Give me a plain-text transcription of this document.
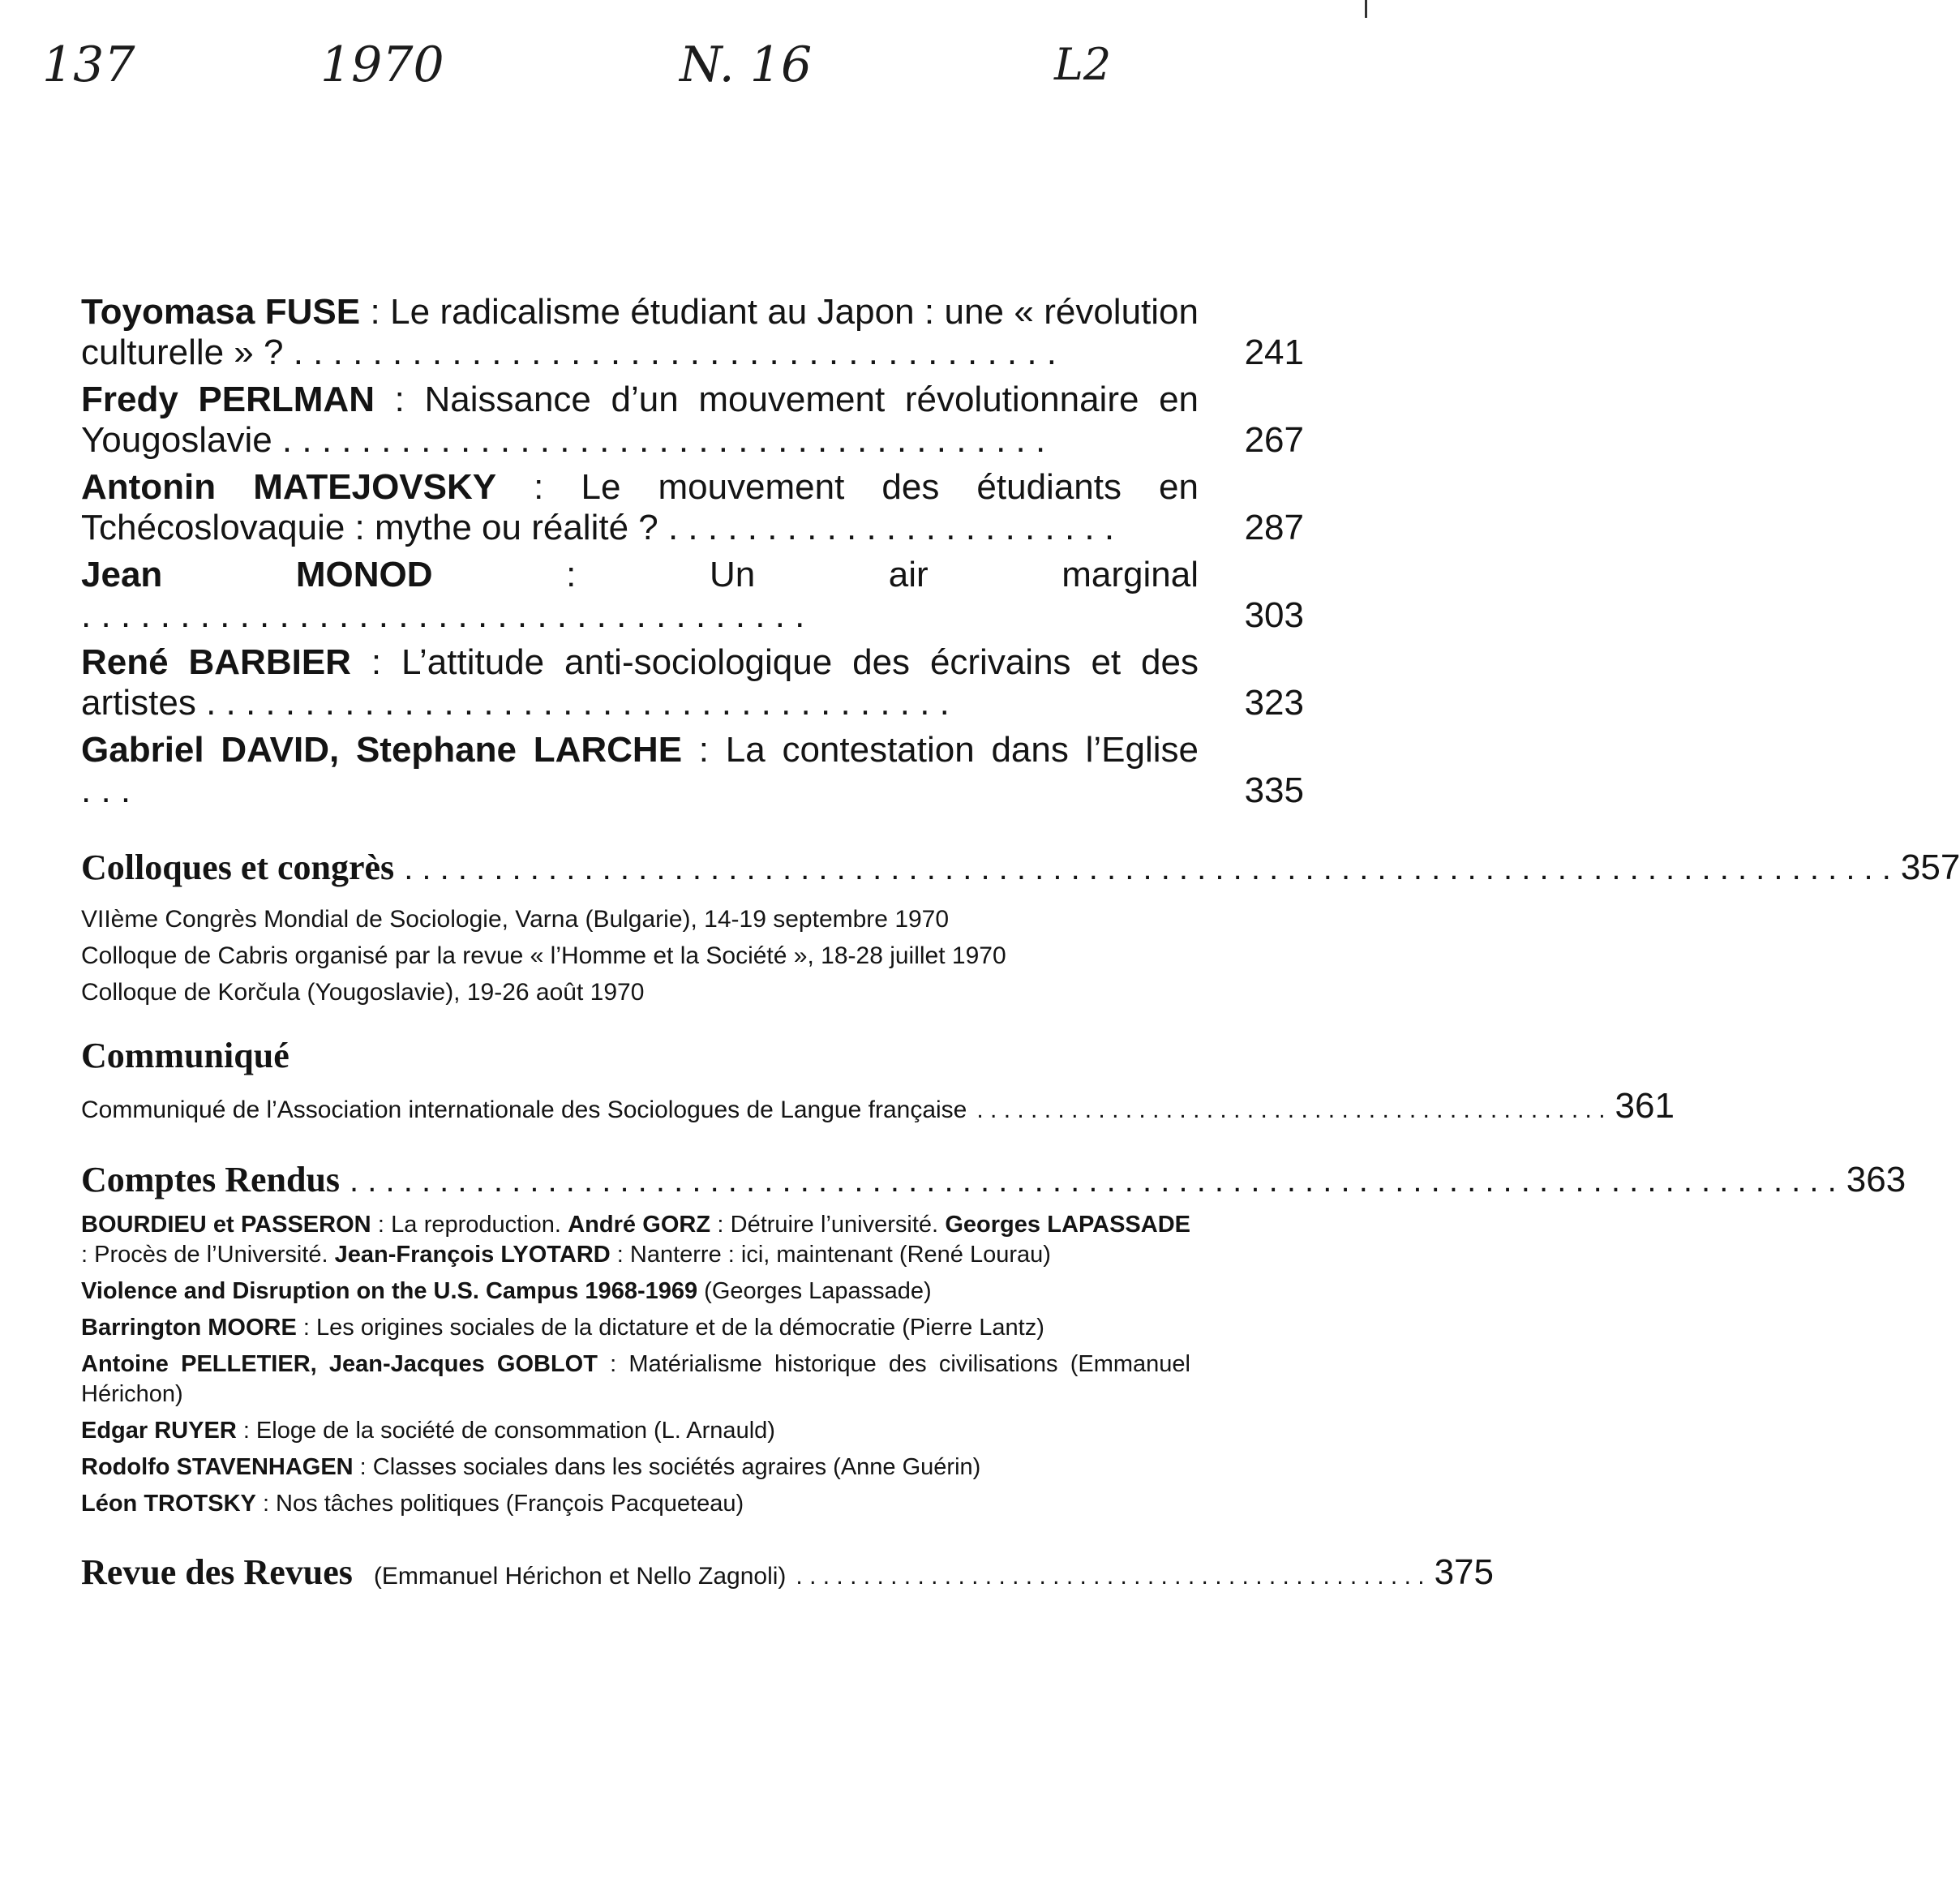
137	1970	N. 16	L2
Toyomasa FUSE : Le radicalisme étudiant au Japon : une « révolution culturelle » ? . . . . . . . . . . . . . . . . . . . . . . . . . . . . . . . . . . . . . . .	241
Fredy PERLMAN : Naissance d’un mouvement révolutionnaire en Yougoslavie . . . . . . . . . . . . . . . . . . . . . . . . . . . . . . . . . . . . . . .	267
Antonin MATEJOVSKY : Le mouvement des étudiants en Tchécoslovaquie : mythe ou réalité ? . . . . . . . . . . . . . . . . . . . . . . .	287
Jean MONOD : Un air marginal . . . . . . . . . . . . . . . . . . . . . . . . . . . . . . . . . . . . .	303
René BARBIER : L’attitude anti-sociologique des écrivains et des artistes . . . . . . . . . . . . . . . . . . . . . . . . . . . . . . . . . . . . . .	323
Gabriel DAVID, Stephane LARCHE : La contestation dans l’Eglise . . .	335
Colloques et congrès . . . . . . . . . . . . . . . . . . . . . . . . . . . . . . . . . . . . . . . . . . . . . . . . . . . . . . . . . . . . . . . . . . . . . . . . . . . . . . . . . . . 357
VIIème Congrès Mondial de Sociologie, Varna (Bulgarie), 14-19 septembre 1970
Colloque de Cabris organisé par la revue « l’Homme et la Société », 18-28 juillet 1970
Colloque de Korčula (Yougoslavie), 19-26 août 1970
Communiqué
Communiqué de l’Association internationale des Sociologues de Langue française . . . . . . . . . . . . . . . . . . . . . . . . . . . . . . . . . . . . . . . . . . . . . . . 361
Comptes Rendus . . . . . . . . . . . . . . . . . . . . . . . . . . . . . . . . . . . . . . . . . . . . . . . . . . . . . . . . . . . . . . . . . . . . . . . . . . . . . . . . . . . 363

BOURDIEU et PASSERON : La reproduction. André GORZ : Détruire l’université. Georges LAPASSADE : Procès de l’Université. Jean-François LYOTARD : Nanterre : ici, maintenant (René Lourau)

Violence and Disruption on the U.S. Campus 1968-1969 (Georges Lapassade)

Barrington MOORE : Les origines sociales de la dictature et de la démocratie (Pierre Lantz)

Antoine PELLETIER, Jean-Jacques GOBLOT : Matérialisme historique des civilisations (Emmanuel Hérichon)

Edgar RUYER : Eloge de la société de consommation (L. Arnauld)

Rodolfo STAVENHAGEN : Classes sociales dans les sociétés agraires (Anne Guérin)

Léon TROTSKY : Nos tâches politiques (François Pacqueteau)

Revue des Revues (Emmanuel Hérichon et Nello Zagnoli) . . . . . . . . . . . . . . . . . . . . . . . . . . . . . . . . . . . . . . . . . . . . . . . 375
